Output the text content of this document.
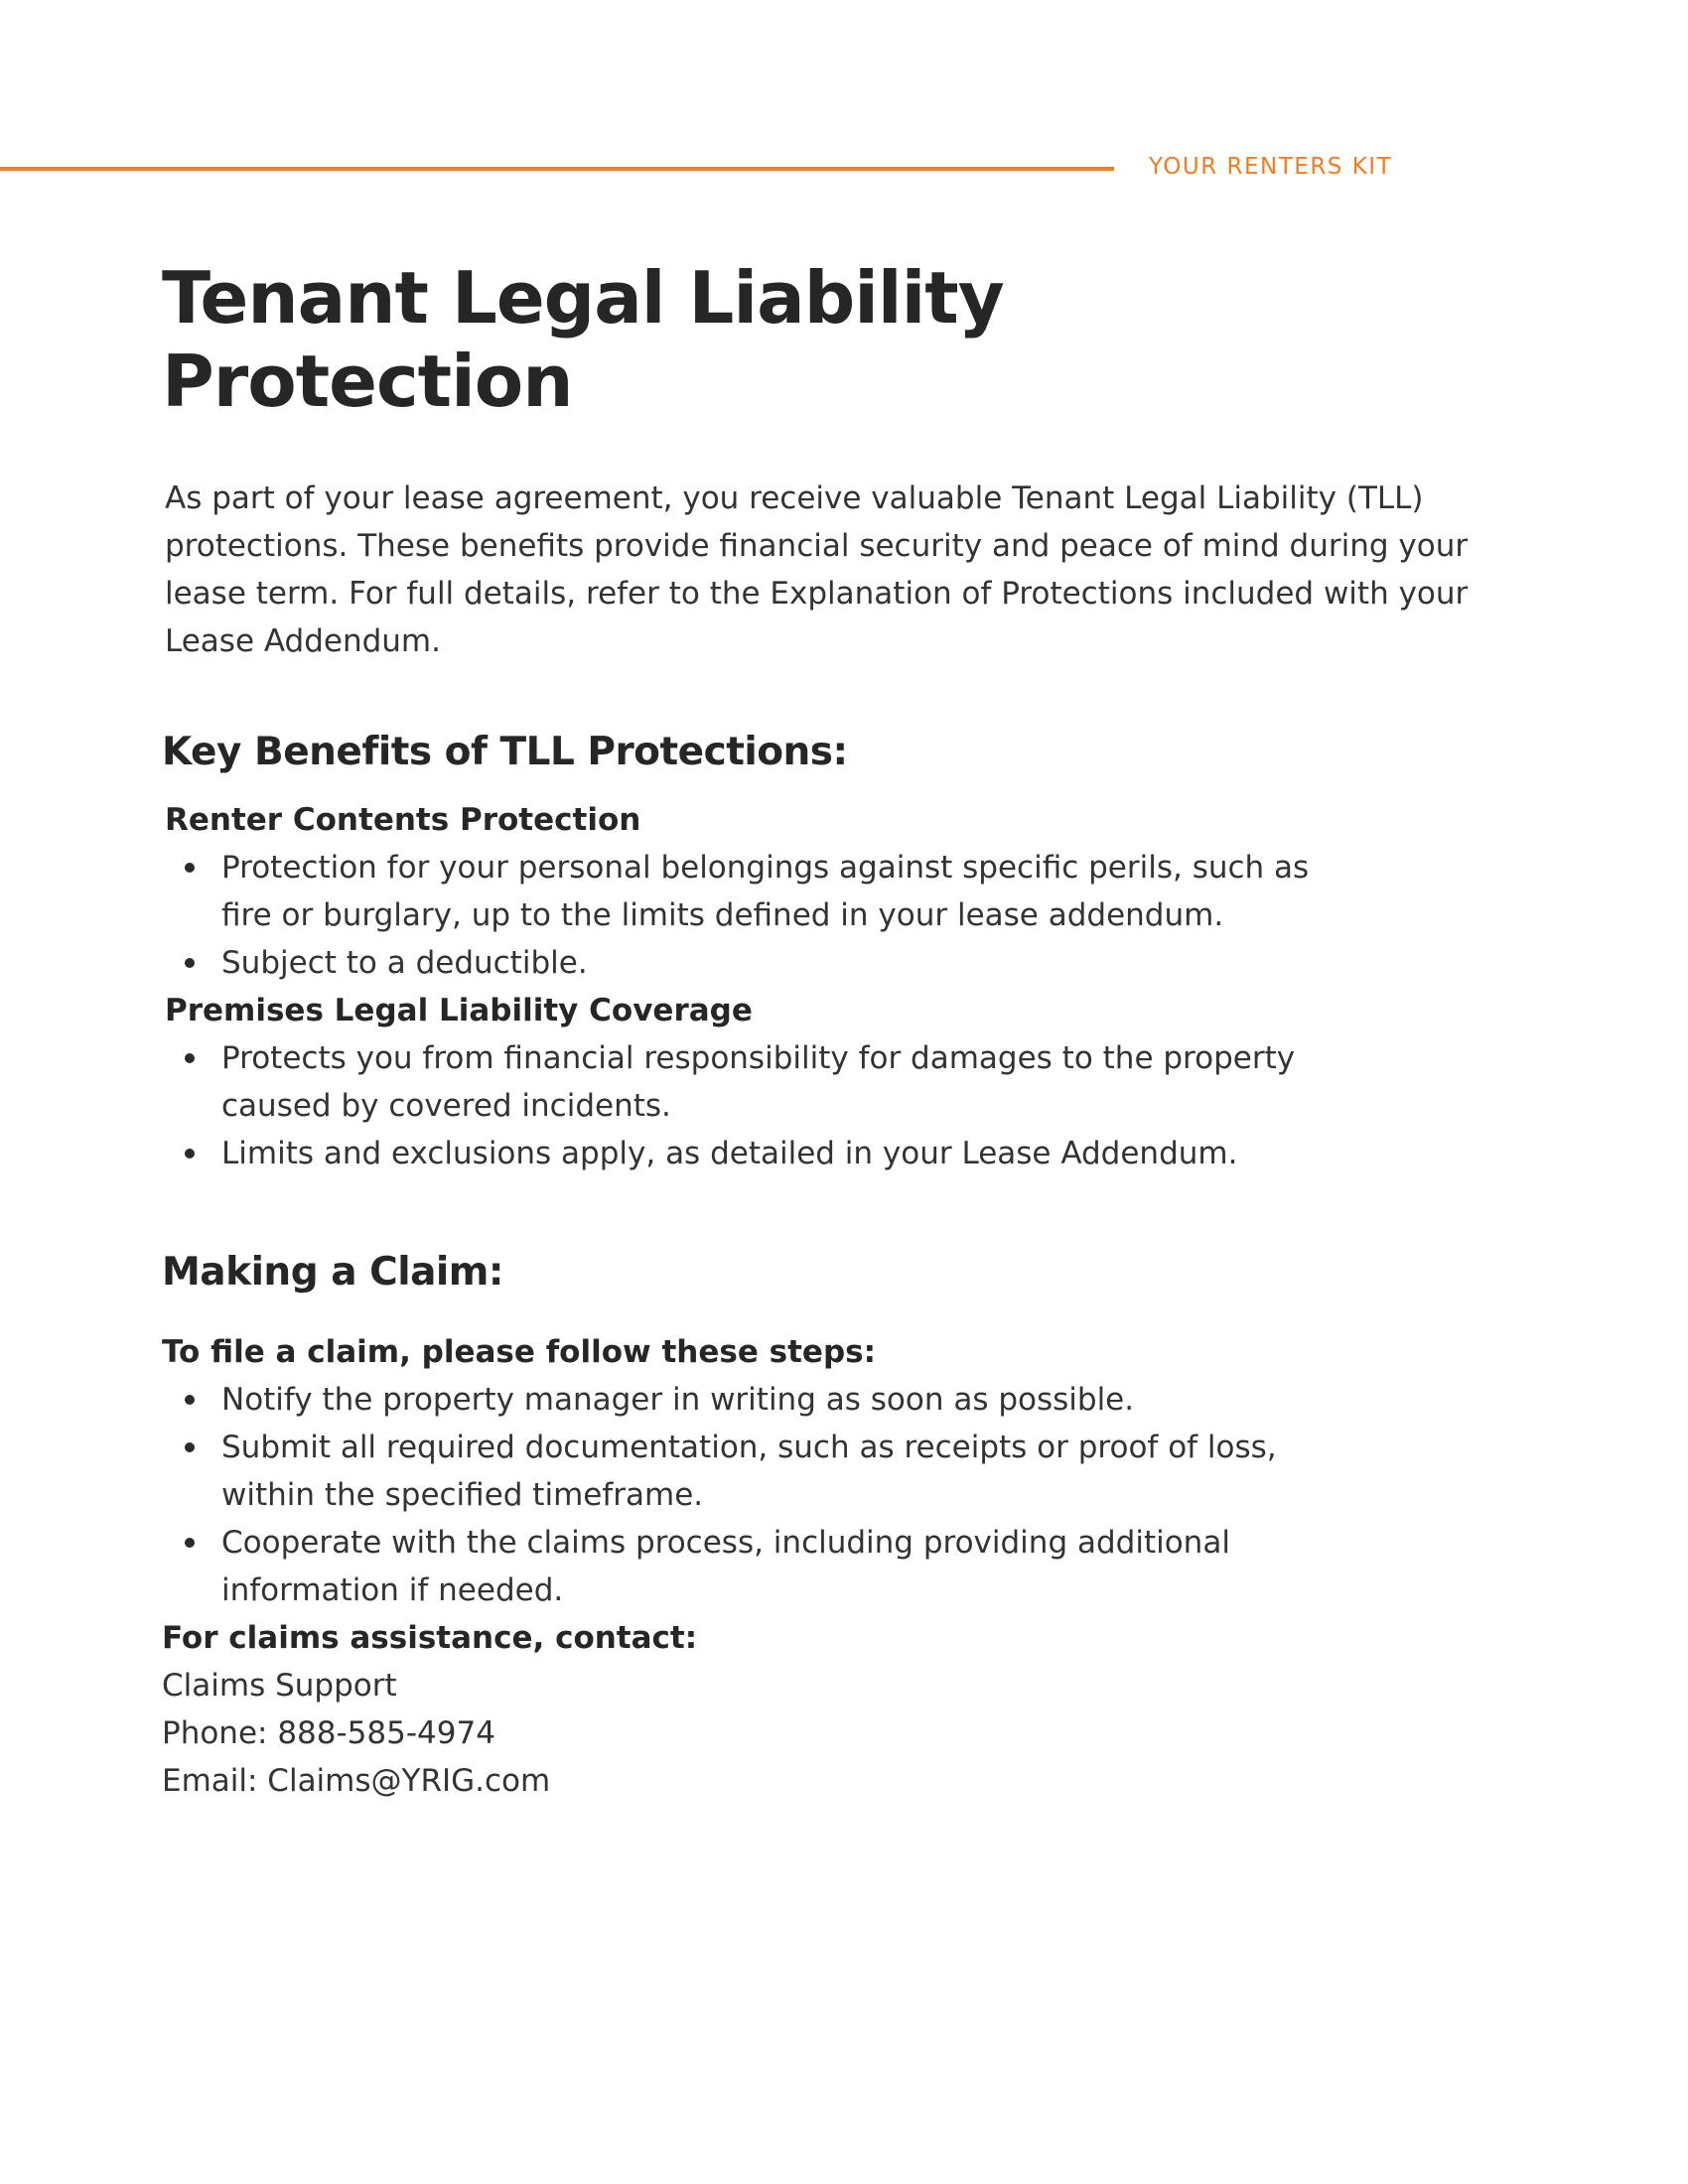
YOUR RENTERS KIT
Tenant Legal Liability
Protection

As part of your lease agreement, you receive valuable Tenant Legal Liability (TLL) protections. These benefits provide financial security and peace of mind during your lease term. For full details, refer to the Explanation of Protections included with your Lease Addendum.

Key Benefits of TLL Protections:

Renter Contents Protection

Protection for your personal belongings against specific perils, such as fire or burglary, up to the limits defined in your lease addendum.
Subject to a deductible.

Premises Legal Liability Coverage

Protects you from financial responsibility for damages to the property caused by covered incidents.
Limits and exclusions apply, as detailed in your Lease Addendum.
Making a Claim:

To file a claim, please follow these steps:

Notify the property manager in writing as soon as possible.
Submit all required documentation, such as receipts or proof of loss, within the specified timeframe.
Cooperate with the claims process, including providing additional information if needed.

For claims assistance, contact:

Claims Support

Phone: 888-585-4974

Email: Claims@YRIG.com
